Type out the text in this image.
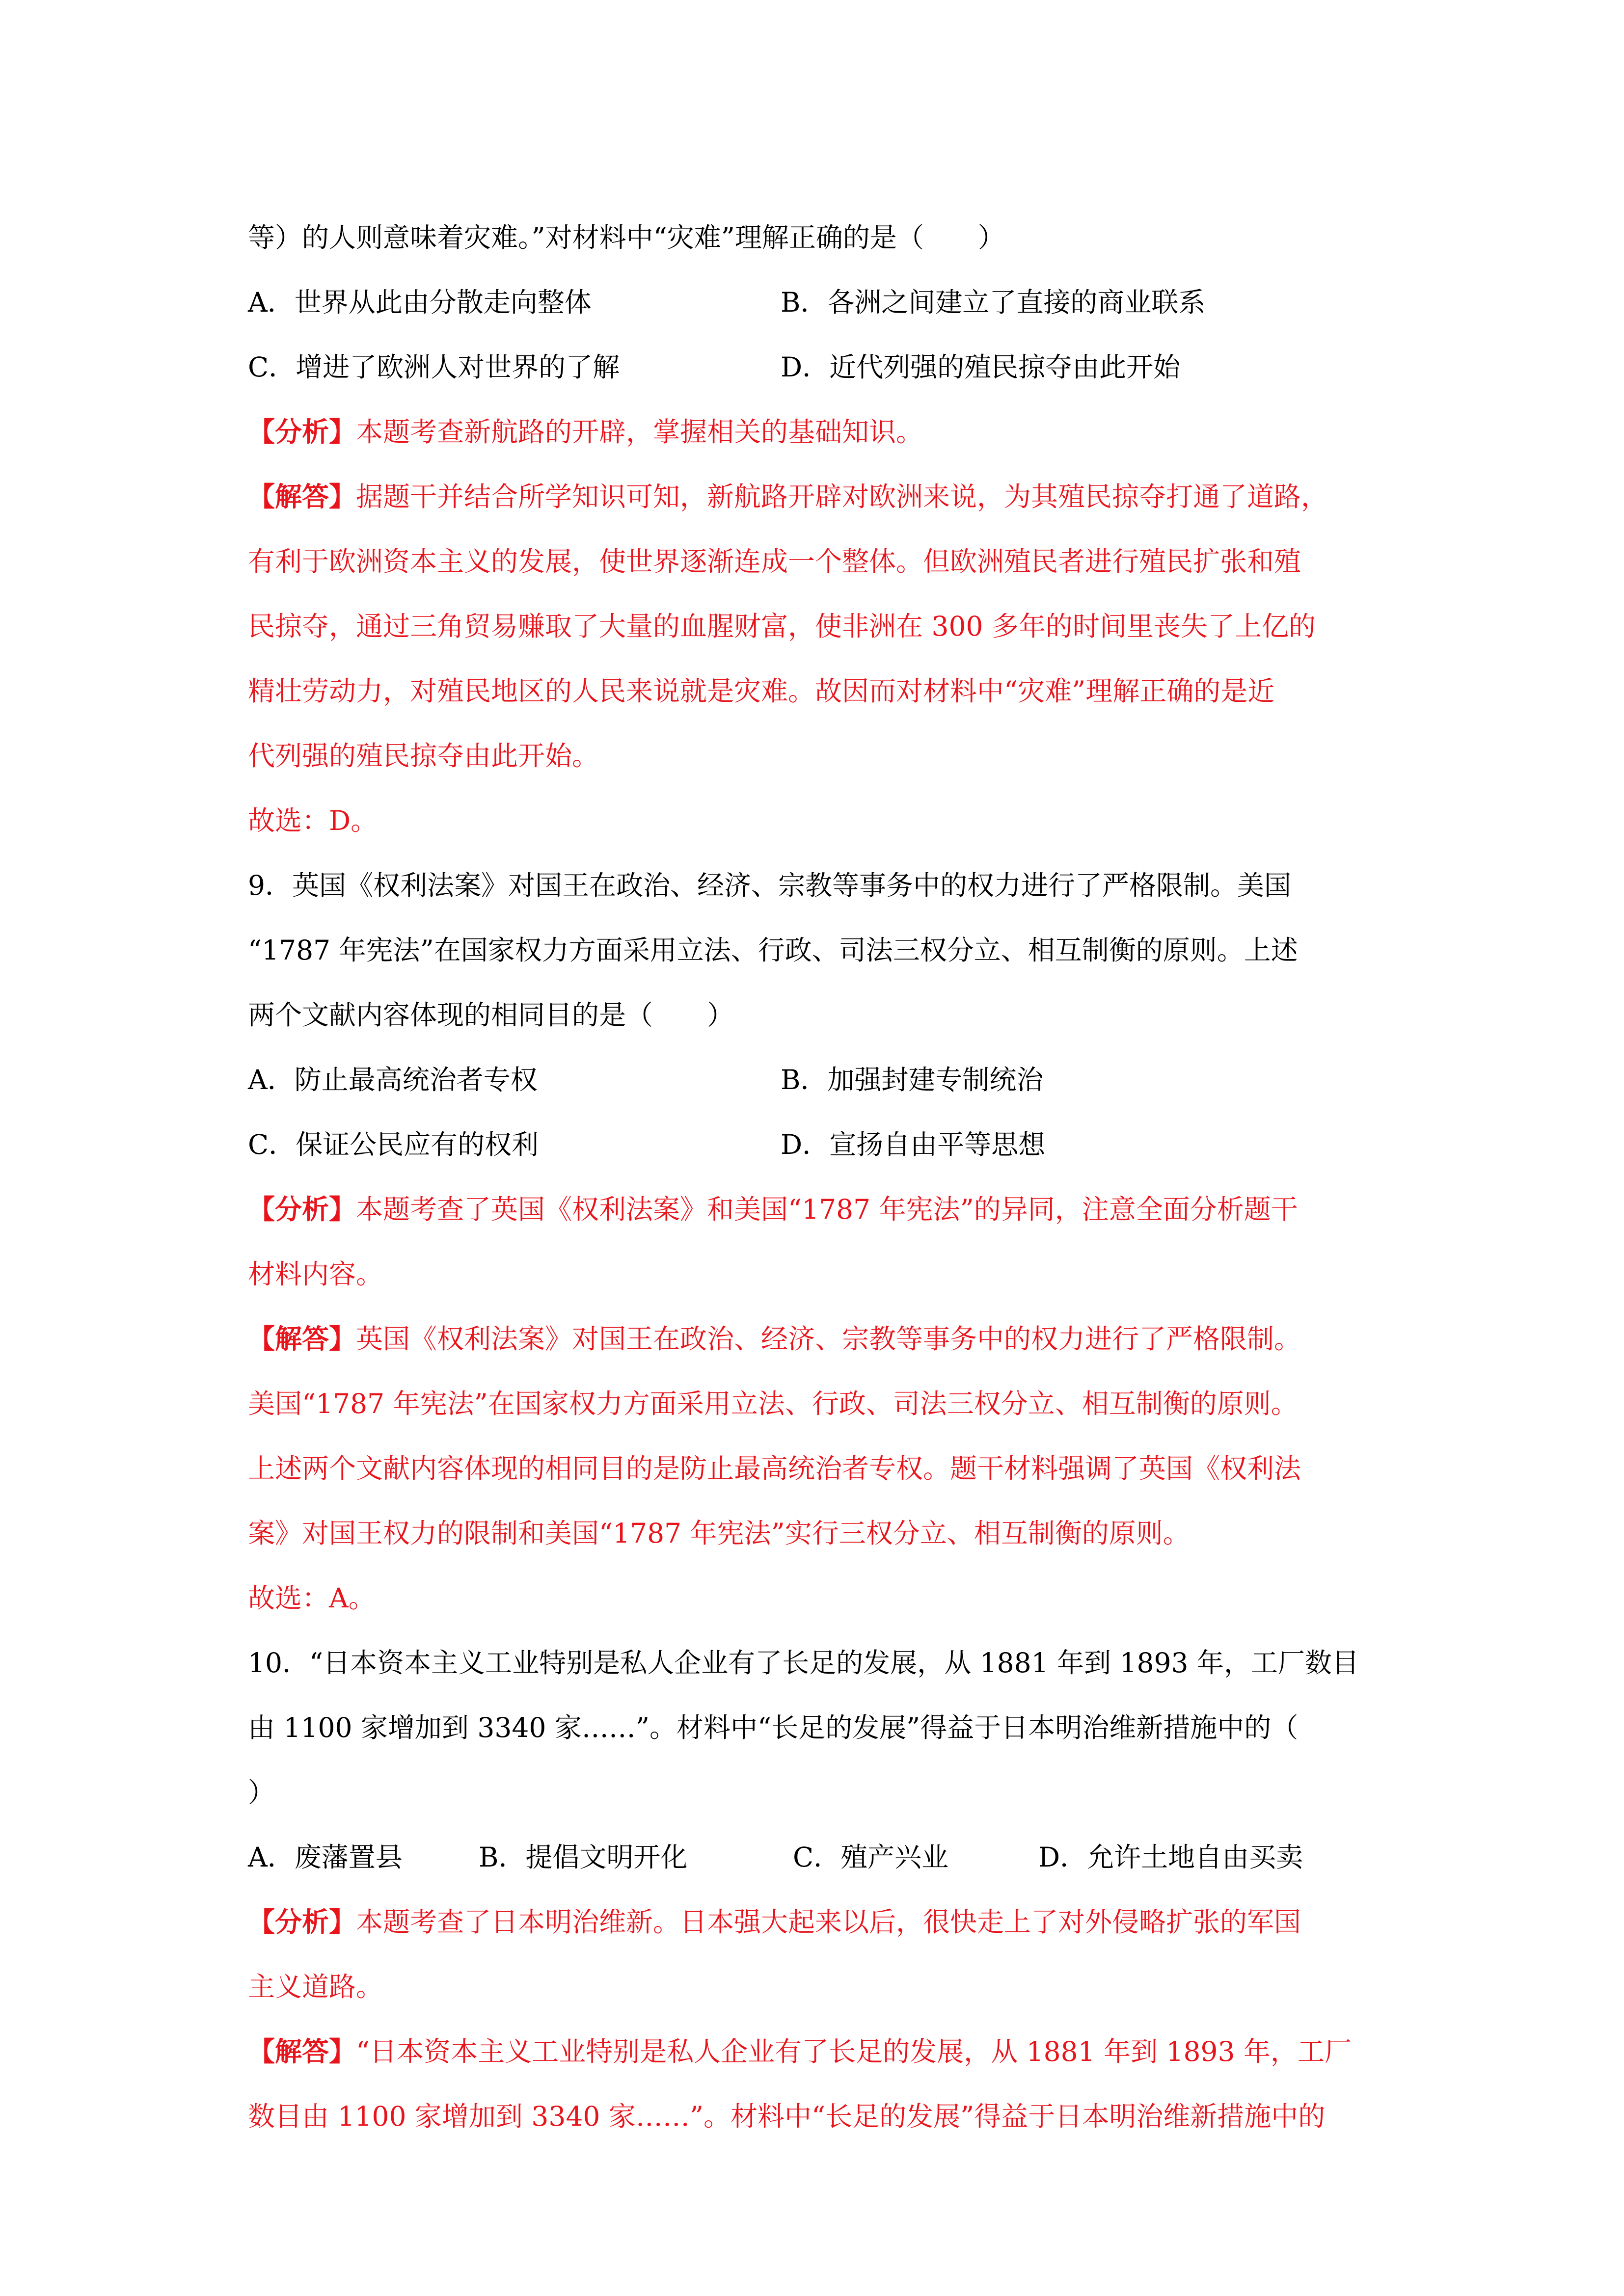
等）的人则意味着灾难。”对材料中“灾难”理解正确的是（　　）
A．世界从此由分散走向整体	B．各洲之间建立了直接的商业联系
C．增进了欧洲人对世界的了解	D．近代列强的殖民掠夺由此开始
【分析】本题考查新航路的开辟，掌握相关的基础知识。
【解答】据题干并结合所学知识可知，新航路开辟对欧洲来说，为其殖民掠夺打通了道路，
有利于欧洲资本主义的发展，使世界逐渐连成一个整体。但欧洲殖民者进行殖民扩张和殖
民掠夺，通过三角贸易赚取了大量的血腥财富，使非洲在 300 多年的时间里丧失了上亿的
精壮劳动力，对殖民地区的人民来说就是灾难。故因而对材料中“灾难”理解正确的是近
代列强的殖民掠夺由此开始。
故选：D。
9．英国《权利法案》对国王在政治、经济、宗教等事务中的权力进行了严格限制。美国
“1787 年宪法”在国家权力方面采用立法、行政、司法三权分立、相互制衡的原则。上述
两个文献内容体现的相同目的是（　　）
A．防止最高统治者专权	B．加强封建专制统治
C．保证公民应有的权利	D．宣扬自由平等思想
【分析】本题考查了英国《权利法案》和美国“1787 年宪法”的异同，注意全面分析题干
材料内容。
【解答】英国《权利法案》对国王在政治、经济、宗教等事务中的权力进行了严格限制。
美国“1787 年宪法”在国家权力方面采用立法、行政、司法三权分立、相互制衡的原则。
上述两个文献内容体现的相同目的是防止最高统治者专权。题干材料强调了英国《权利法
案》对国王权力的限制和美国“1787 年宪法”实行三权分立、相互制衡的原则。
故选：A。
10．“日本资本主义工业特别是私人企业有了长足的发展，从 1881 年到 1893 年，工厂数目
由 1100 家增加到 3340 家……”。材料中“长足的发展”得益于日本明治维新措施中的（
）
A．废藩置县	B．提倡文明开化	C．殖产兴业	D．允许土地自由买卖
【分析】本题考查了日本明治维新。日本强大起来以后，很快走上了对外侵略扩张的军国
主义道路。
【解答】“日本资本主义工业特别是私人企业有了长足的发展，从 1881 年到 1893 年，工厂
数目由 1100 家增加到 3340 家……”。材料中“长足的发展”得益于日本明治维新措施中的
